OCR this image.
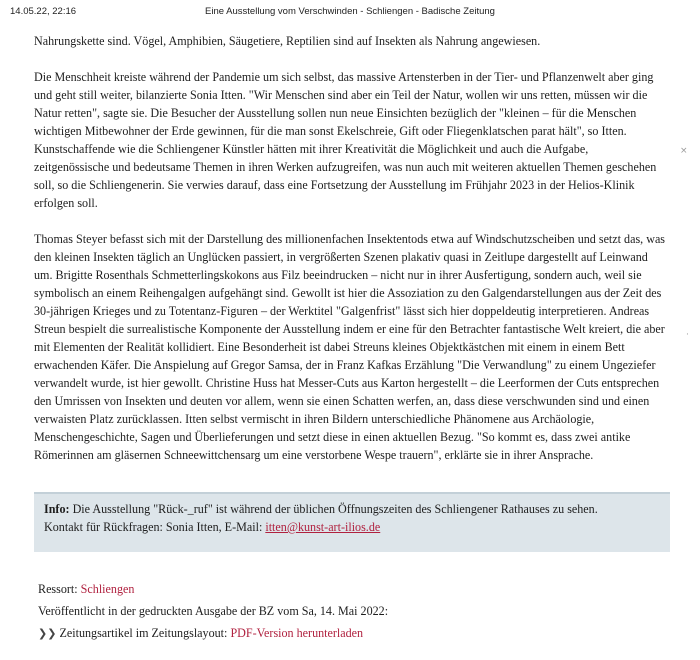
14.05.22, 22:16	Eine Ausstellung vom Verschwinden - Schliengen - Badische Zeitung

Nahrungskette sind. Vögel, Amphibien, Säugetiere, Reptilien sind auf Insekten als Nahrung angewiesen.

Die Menschheit kreiste während der Pandemie um sich selbst, das massive Artensterben in der Tier- und Pflanzenwelt aber ging und geht still weiter, bilanzierte Sonia Itten. "Wir Menschen sind aber ein Teil der Natur, wollen wir uns retten, müssen wir die Natur retten", sagte sie. Die Besucher der Ausstellung sollen nun neue Einsichten bezüglich der "kleinen – für die Menschen wichtigen Mitbewohner der Erde gewinnen, für die man sonst Ekelschreie, Gift oder Fliegenklatschen parat hält", so Itten. Kunstschaffende wie die Schliengener Künstler hätten mit ihrer Kreativität die Möglichkeit und auch die Aufgabe, zeitgenössische und bedeutsame Themen in ihren Werken aufzugreifen, was nun auch mit weiteren aktuellen Themen geschehen soll, so die Schliengenerin. Sie verwies darauf, dass eine Fortsetzung der Ausstellung im Frühjahr 2023 in der Helios-Klinik erfolgen soll.

Thomas Steyer befasst sich mit der Darstellung des millionenfachen Insektentods etwa auf Windschutzscheiben und setzt das, was den kleinen Insekten täglich an Unglücken passiert, in vergrößerten Szenen plakativ quasi in Zeitlupe dargestellt auf Leinwand um. Brigitte Rosenthals Schmetterlingskokons aus Filz beeindrucken – nicht nur in ihrer Ausfertigung, sondern auch, weil sie symbolisch an einem Reihengalgen aufgehängt sind. Gewollt ist hier die Assoziation zu den Galgendarstellungen aus der Zeit des 30-jährigen Krieges und zu Totentanz-Figuren – der Werktitel "Galgenfrist" lässt sich hier doppeldeutig interpretieren. Andreas Streun bespielt die surrealistische Komponente der Ausstellung indem er eine für den Betrachter fantastische Welt kreiert, die aber mit Elementen der Realität kollidiert. Eine Besonderheit ist dabei Streuns kleines Objektkästchen mit einem in einem Bett erwachenden Käfer. Die Anspielung auf Gregor Samsa, der in Franz Kafkas Erzählung "Die Verwandlung" zu einem Ungeziefer verwandelt wurde, ist hier gewollt. Christine Huss hat Messer-Cuts aus Karton hergestellt – die Leerformen der Cuts entsprechen den Umrissen von Insekten und deuten vor allem, wenn sie einen Schatten werfen, an, dass diese verschwunden sind und einen verwaisten Platz zurücklassen. Itten selbst vermischt in ihren Bildern unterschiedliche Phänomene aus Archäologie, Menschengeschichte, Sagen und Überlieferungen und setzt diese in einen aktuellen Bezug. "So kommt es, dass zwei antike Römerinnen am gläsernen Schneewittchensarg um eine verstorbene Wespe trauern", erklärte sie in ihrer Ansprache.

Info: Die Ausstellung "Rück-_ruf" ist während der üblichen Öffnungszeiten des Schliengener Rathauses zu sehen.
Kontakt für Rückfragen: Sonia Itten, E-Mail: itten@kunst-art-ilios.de
Ressort: Schliengen
Veröffentlicht in der gedruckten Ausgabe der BZ vom Sa, 14. Mai 2022:
❯❯ Zeitungsartikel im Zeitungslayout: PDF-Version herunterladen
×
·
